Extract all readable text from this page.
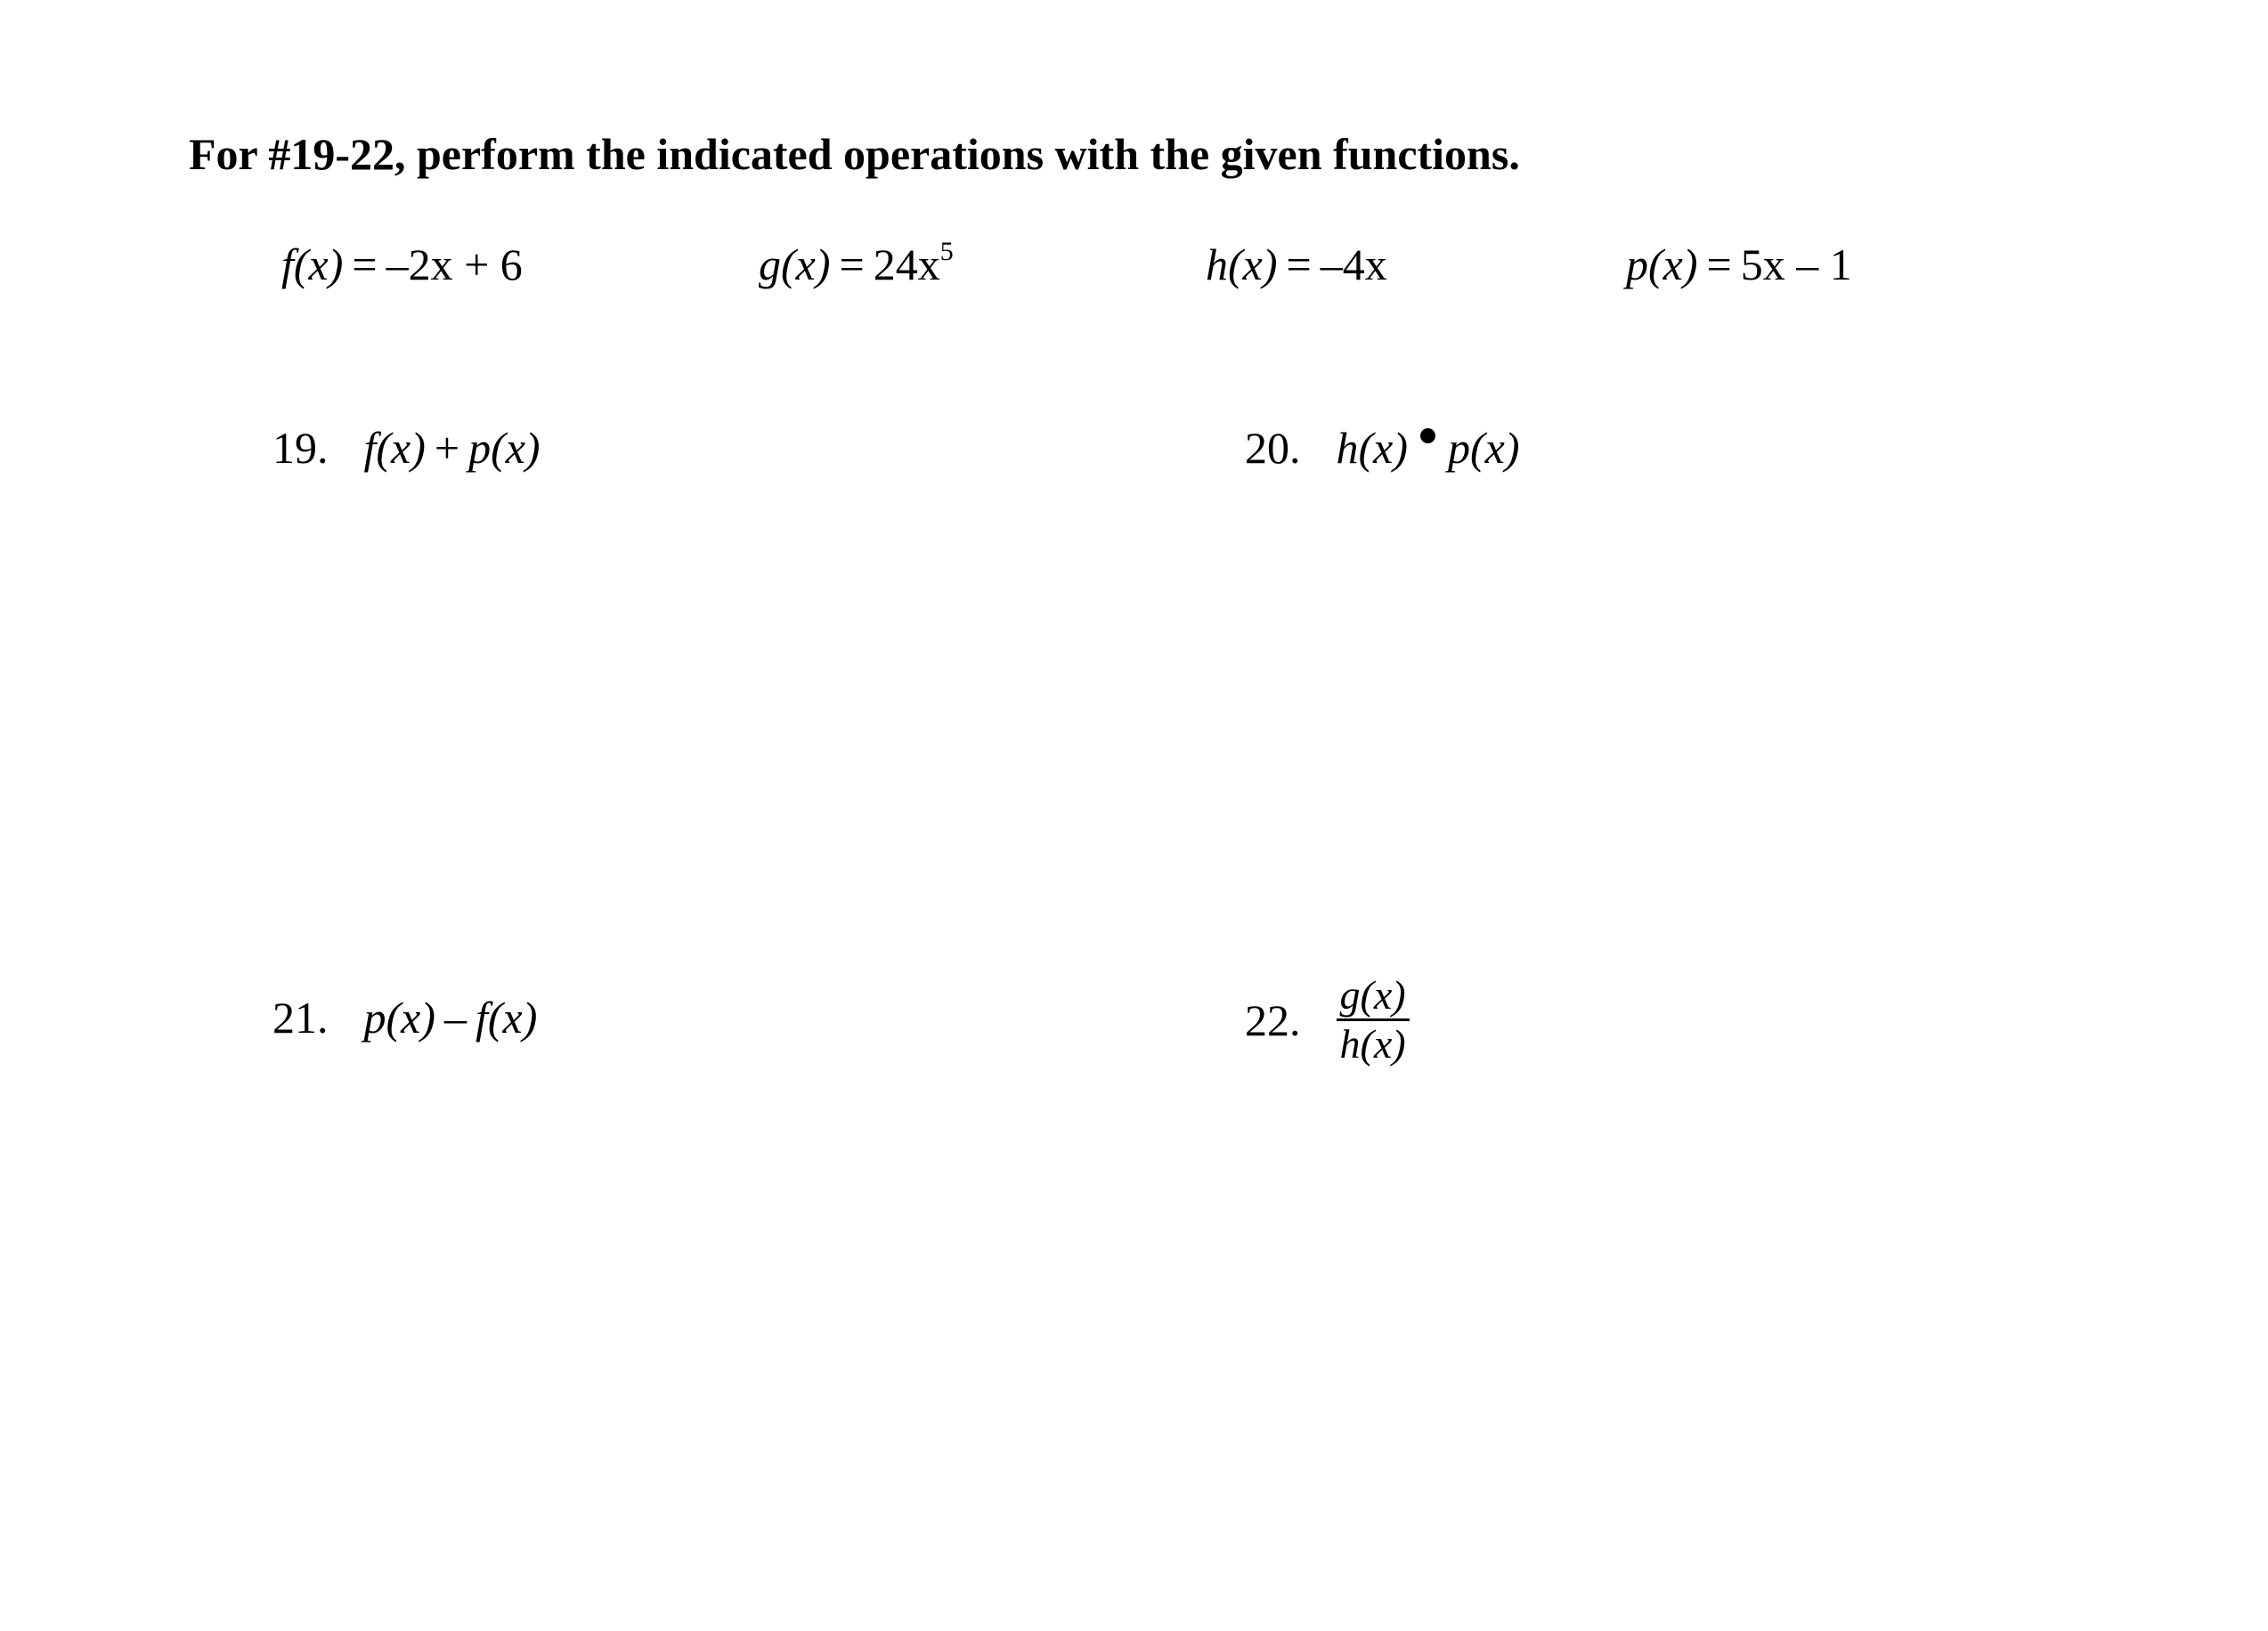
For #19-22, perform the indicated operations with the given functions.
f(x) = –2x + 6	$g(x) = 24x^5$	h(x) = –4x	p(x) = 5x – 1
19. f(x) + p(x)	20. h(x) p(x)
21. p(x) – f(x)	22. $\frac{g(x)}{h(x)}$
